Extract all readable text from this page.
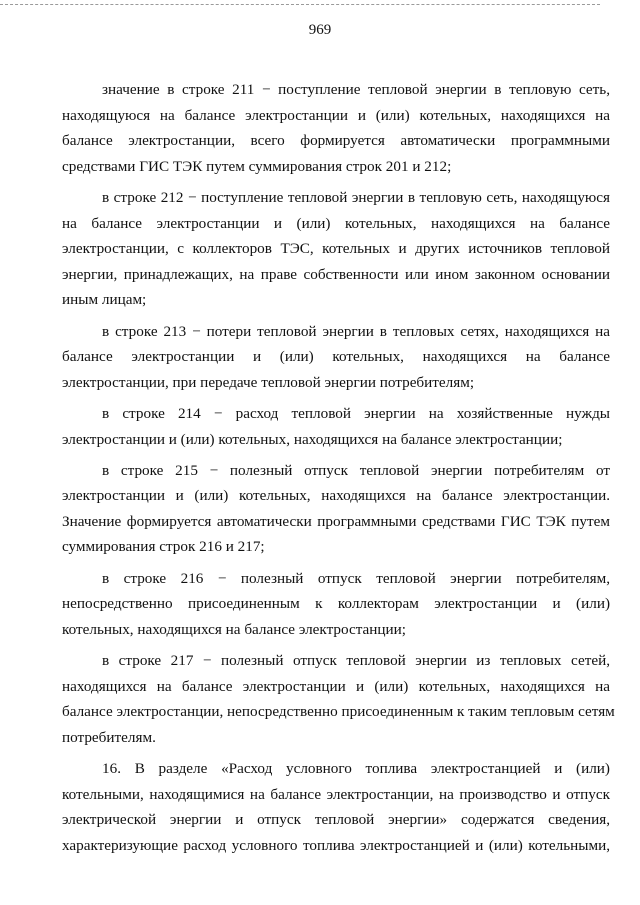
969
значение в строке 211 − поступление тепловой энергии в тепловую сеть,
находящуюся на балансе электростанции и (или) котельных, находящихся на
балансе электростанции, всего формируется автоматически программными
средствами ГИС ТЭК путем суммирования строк 201 и 212;
в строке 212 − поступление тепловой энергии в тепловую сеть, находящуюся
на балансе электростанции и (или) котельных, находящихся на балансе
электростанции, с коллекторов ТЭС, котельных и других источников тепловой
энергии, принадлежащих, на праве собственности или ином законном основании
иным лицам;
в строке 213 − потери тепловой энергии в тепловых сетях, находящихся на
балансе электростанции и (или) котельных, находящихся на балансе
электростанции, при передаче тепловой энергии потребителям;
в строке 214 − расход тепловой энергии на хозяйственные нужды
электростанции и (или) котельных, находящихся на балансе электростанции;
в строке 215 − полезный отпуск тепловой энергии потребителям от
электростанции и (или) котельных, находящихся на балансе электростанции.
Значение формируется автоматически программными средствами ГИС ТЭК путем
суммирования строк 216 и 217;
в строке 216 − полезный отпуск тепловой энергии потребителям,
непосредственно присоединенным к коллекторам электростанции и (или)
котельных, находящихся на балансе электростанции;
в строке 217 − полезный отпуск тепловой энергии из тепловых сетей,
находящихся на балансе электростанции и (или) котельных, находящихся на
балансе электростанции, непосредственно присоединенным к таким тепловым сетям
потребителям.
16. В разделе «Расход условного топлива электростанцией и (или)
котельными, находящимися на балансе электростанции, на производство и отпуск
электрической энергии и отпуск тепловой энергии» содержатся сведения,
характеризующие расход условного топлива электростанцией и (или) котельными,
